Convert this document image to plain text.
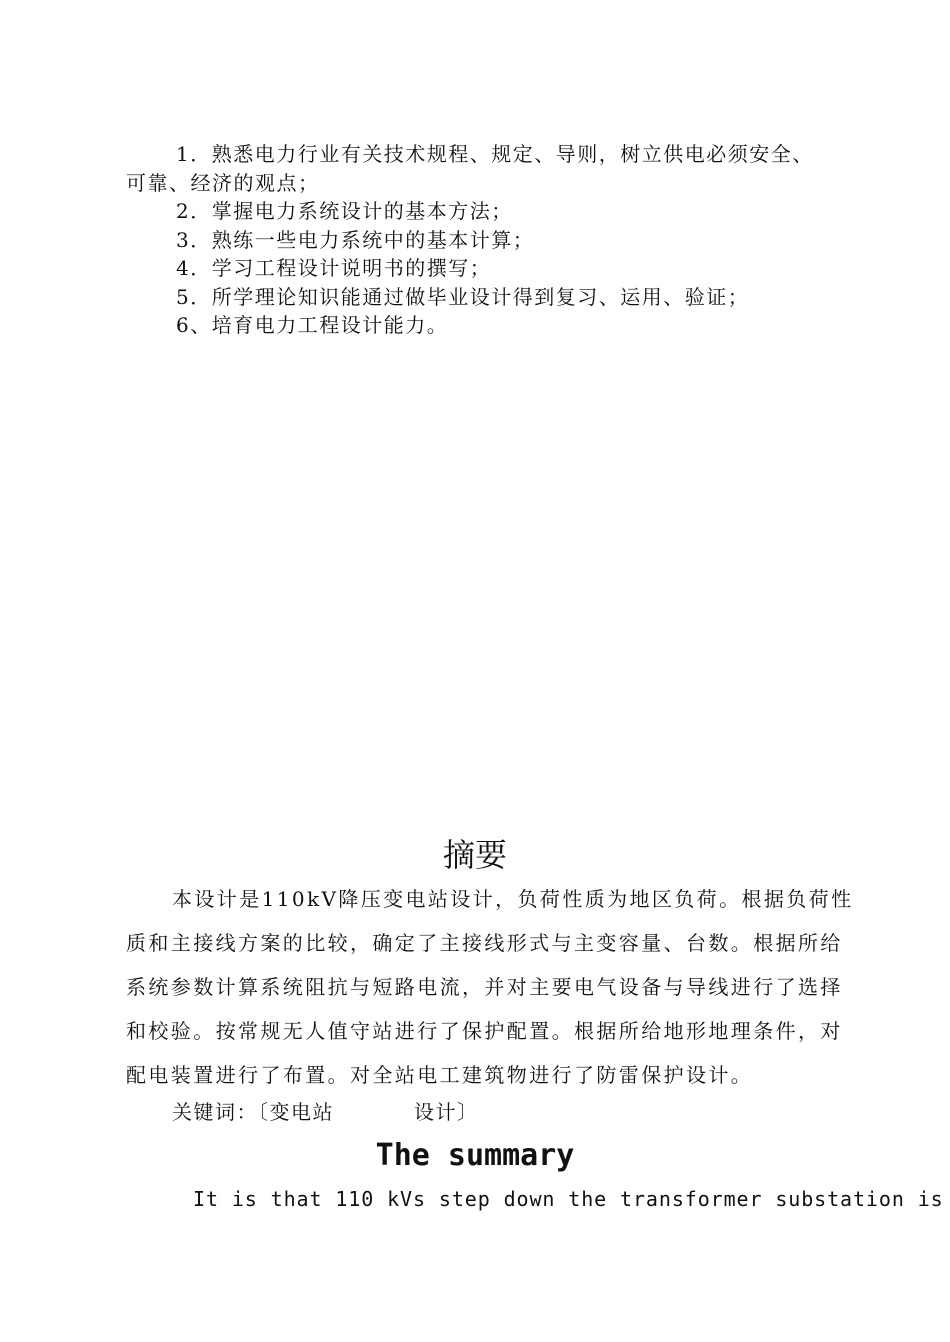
1．熟悉电力行业有关技术规程、规定、导则，树立供电必须安全、
可靠、经济的观点；
2．掌握电力系统设计的基本方法；
3．熟练一些电力系统中的基本计算；
4．学习工程设计说明书的撰写；
5．所学理论知识能通过做毕业设计得到复习、运用、验证；
6、培育电力工程设计能力。
摘要
本设计是110kV降压变电站设计，负荷性质为地区负荷。根据负荷性
质和主接线方案的比较，确定了主接线形式与主变容量、台数。根据所给
系统参数计算系统阻抗与短路电流，并对主要电气设备与导线进行了选择
和校验。按常规无人值守站进行了保护配置。根据所给地形地理条件，对
配电装置进行了布置。对全站电工建筑物进行了防雷保护设计。
关键词：〔变电站	设计〕
The summary
It is that 110 kVs step down the transformer substation is
